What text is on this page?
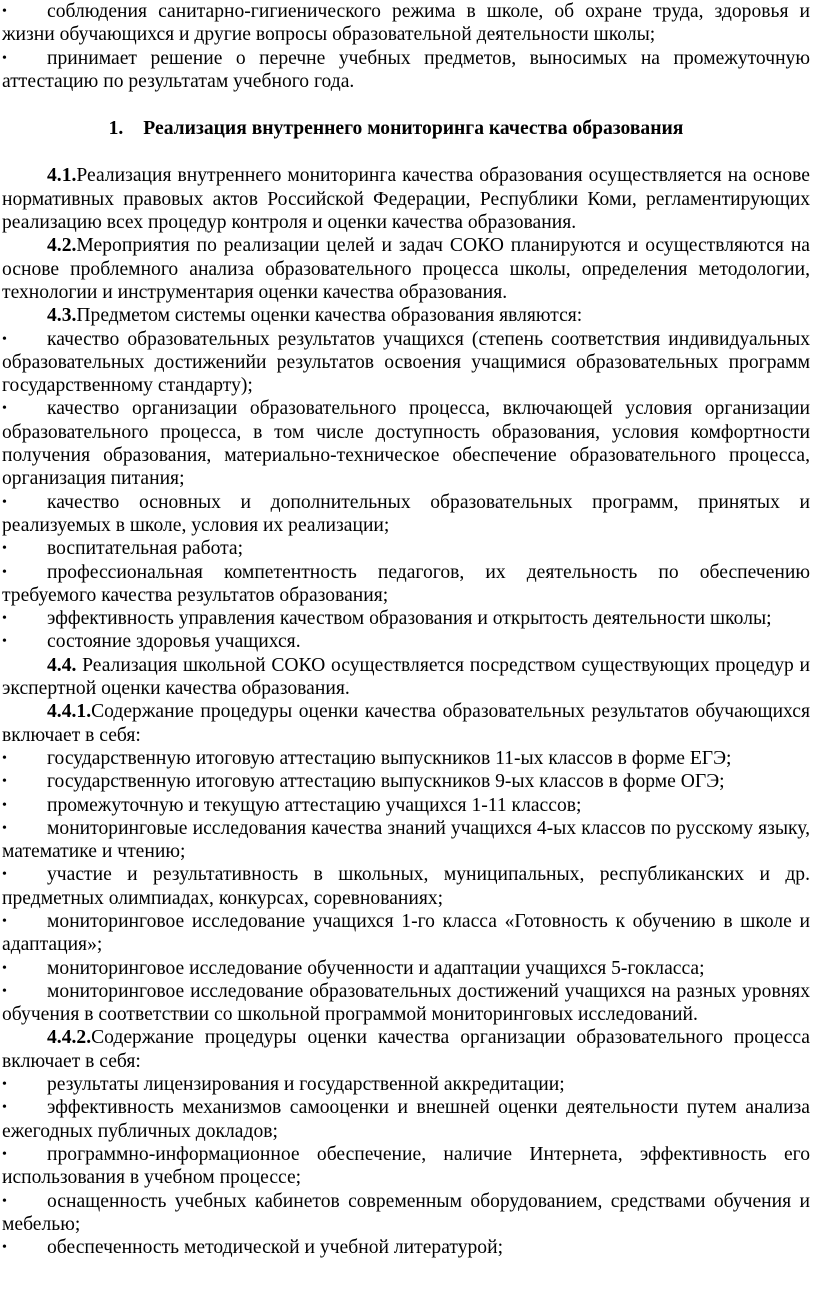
• соблюдения санитарно-гигиенического режима в школе, об охране труда, здоровья и жизни обучающихся и другие вопросы образовательной деятельности школы;

• принимает решение о перечне учебных предметов, выносимых на промежуточную аттестацию по результатам учебного года.

1. Реализация внутреннего мониторинга качества образования

4.1.Реализация внутреннего мониторинга качества образования осуществляется на основе нормативных правовых актов Российской Федерации, Республики Коми, регламентирующих реализацию всех процедур контроля и оценки качества образования.

4.2.Мероприятия по реализации целей и задач СОКО планируются и осуществляются на основе проблемного анализа образовательного процесса школы, определения методологии, технологии и инструментария оценки качества образования.

4.3.Предметом системы оценки качества образования являются:

• качество образовательных результатов учащихся (степень соответствия индивидуальных образовательных достиженийи результатов освоения учащимися образовательных программ государственному стандарту);

• качество организации образовательного процесса, включающей условия организации образовательного процесса, в том числе доступность образования, условия комфортности получения образования, материально-техническое обеспечение образовательного процесса, организация питания;

• качество основных и дополнительных образовательных программ, принятых и реализуемых в школе, условия их реализации;

• воспитательная работа;

• профессиональная компетентность педагогов, их деятельность по обеспечению требуемого качества результатов образования;

• эффективность управления качеством образования и открытость деятельности школы;

• состояние здоровья учащихся.

4.4. Реализация школьной СОКО осуществляется посредством существующих процедур и экспертной оценки качества образования.

4.4.1.Содержание процедуры оценки качества образовательных результатов обучающихся включает в себя:

• государственную итоговую аттестацию выпускников 11-ых классов в форме ЕГЭ;

• государственную итоговую аттестацию выпускников 9-ых классов в форме ОГЭ;

• промежуточную и текущую аттестацию учащихся 1-11 классов;

• мониторинговые исследования качества знаний учащихся 4-ых классов по русскому языку, математике и чтению;

• участие и результативность в школьных, муниципальных, республиканских и др. предметных олимпиадах, конкурсах, соревнованиях;

• мониторинговое исследование учащихся 1-го класса «Готовность к обучению в школе и адаптация»;

• мониторинговое исследование обученности и адаптации учащихся 5-гокласса;

• мониторинговое исследование образовательных достижений учащихся на разных уровнях обучения в соответствии со школьной программой мониторинговых исследований.

4.4.2.Содержание процедуры оценки качества организации образовательного процесса включает в себя:

• результаты лицензирования и государственной аккредитации;

• эффективность механизмов самооценки и внешней оценки деятельности путем анализа ежегодных публичных докладов;

• программно-информационное обеспечение, наличие Интернета, эффективность его использования в учебном процессе;

• оснащенность учебных кабинетов современным оборудованием, средствами обучения и мебелью;

• обеспеченность методической и учебной литературой;
